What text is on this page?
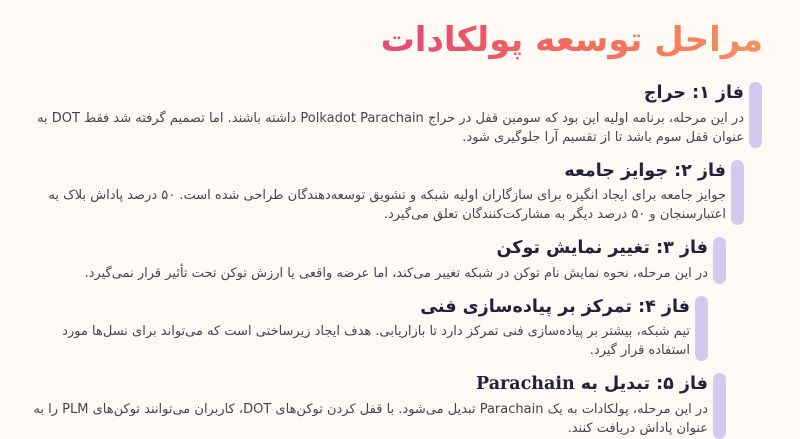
مراحل توسعه پولکادات
فاز ۱: حراج

در این مرحله، برنامه اولیه این بود که سومین قفل در حراج Polkadot Parachain داشته باشند. اما تصمیم گرفته شد فقط DOT به عنوان قفل سوم باشد تا از تقسیم آرا جلوگیری شود.

فاز ۲: جوایز جامعه

جوایز جامعه برای ایجاد انگیزه برای سازگاران اولیه شبکه و تشویق توسعه‌دهندگان طراحی شده است. ۵۰ درصد پاداش بلاک به اعتبارسنجان و ۵۰ درصد دیگر به مشارکت‌کنندگان تعلق می‌گیرد.

فاز ۳: تغییر نمایش توکن

در این مرحله، نحوه نمایش نام توکن در شبکه تغییر می‌کند، اما عرضه واقعی یا ارزش توکن تحت تأثیر قرار نمی‌گیرد.

فاز ۴: تمرکز بر پیاده‌سازی فنی

تیم شبکه، بیشتر بر پیاده‌سازی فنی تمرکز دارد تا بازاریابی. هدف ایجاد زیرساختی است که می‌تواند برای نسل‌ها مورد استفاده قرار گیرد.

فاز ۵: تبدیل بهParachain

در این مرحله، پولکادات به یک Parachain تبدیل می‌شود. با قفل کردن توکن‌های DOT، کاربران می‌توانند توکن‌های PLM را به عنوان پاداش دریافت کنند.
